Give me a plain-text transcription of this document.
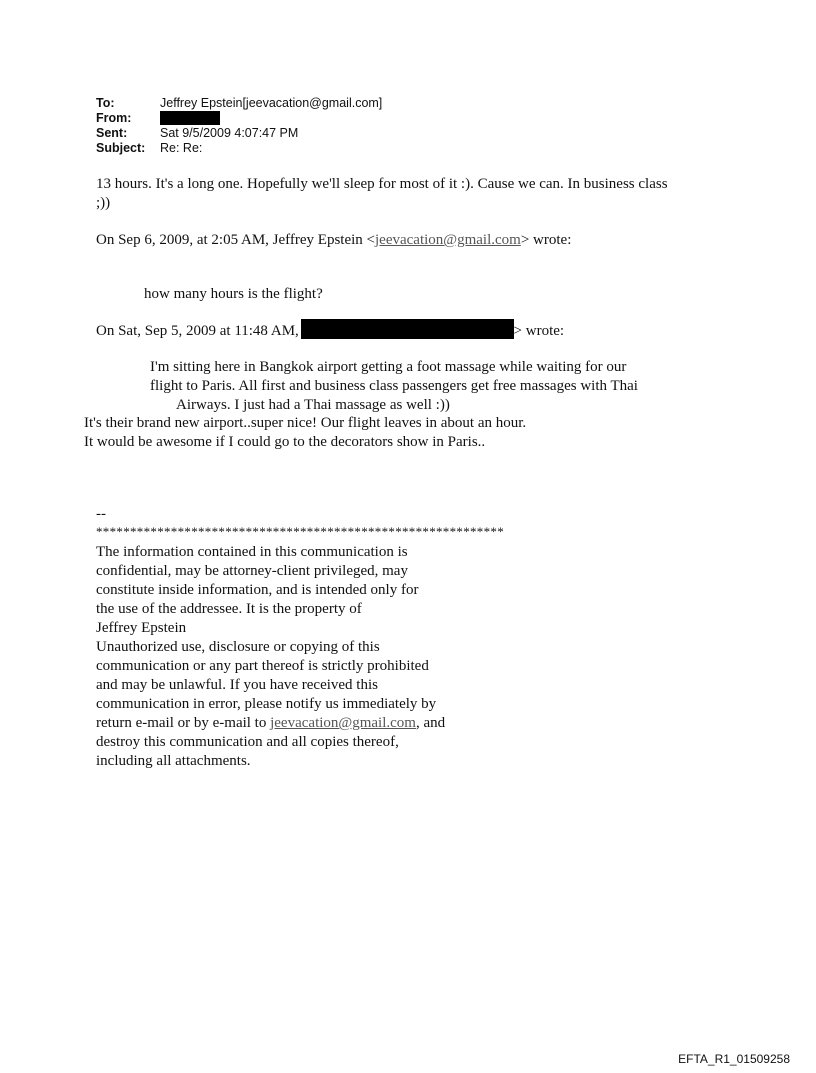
To:	Jeffrey Epstein[jeevacation@gmail.com]
From:
Sent:	Sat 9/5/2009 4:07:47 PM
Subject:	Re: Re:
13 hours. It's a long one. Hopefully we'll sleep for most of it :). Cause we can. In business class
;))
On Sep 6, 2009, at 2:05 AM, Jeffrey Epstein <jeevacation@gmail.com> wrote:
how many hours is the flight?
On Sat, Sep 5, 2009 at 11:48 AM,	> wrote:
I'm sitting here in Bangkok airport getting a foot massage while waiting for our
flight to Paris. All first and business class passengers get free massages with Thai
Airways. I just had a Thai massage as well :))
It's their brand new airport..super nice! Our flight leaves in about an hour.
It would be awesome if I could go to the decorators show in Paris..
--
************************************************************
The information contained in this communication is
confidential, may be attorney-client privileged, may
constitute inside information, and is intended only for
the use of the addressee. It is the property of
Jeffrey Epstein
Unauthorized use, disclosure or copying of this
communication or any part thereof is strictly prohibited
and may be unlawful. If you have received this
communication in error, please notify us immediately by
return e-mail or by e-mail to jeevacation@gmail.com, and
destroy this communication and all copies thereof,
including all attachments.
EFTA_R1_01509258
